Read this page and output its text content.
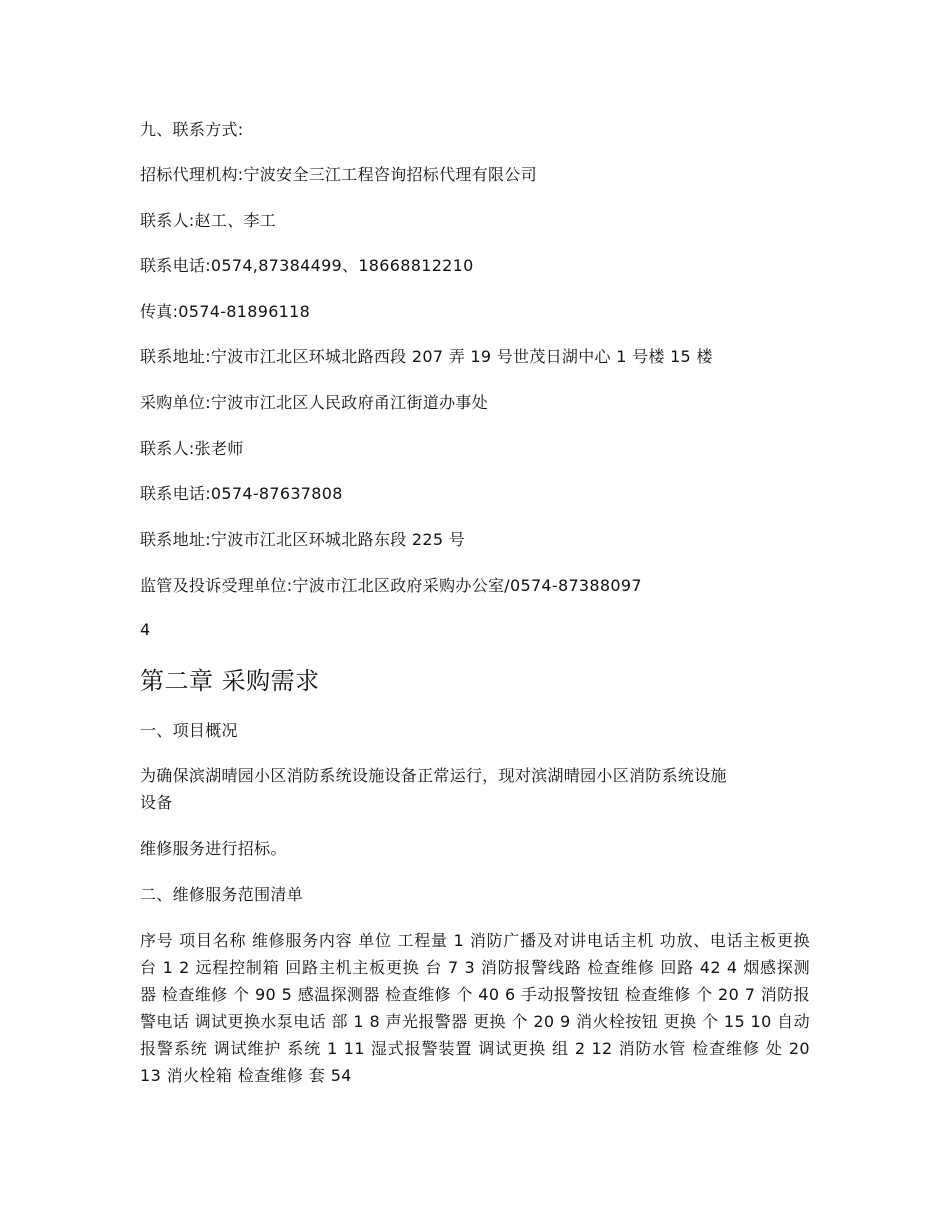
九、联系方式:
招标代理机构:宁波安全三江工程咨询招标代理有限公司
联系人:赵工、李工
联系电话:0574,87384499、18668812210
传真:0574-81896118
联系地址:宁波市江北区环城北路西段 207 弄 19 号世茂日湖中心 1 号楼 15 楼
采购单位:宁波市江北区人民政府甬江街道办事处
联系人:张老师
联系电话:0574-87637808
联系地址:宁波市江北区环城北路东段 225 号
监管及投诉受理单位:宁波市江北区政府采购办公室/0574-87388097
4
第二章 采购需求
一、项目概况
为确保滨湖晴园小区消防系统设施设备正常运行，现对滨湖晴园小区消防系统设施
设备
维修服务进行招标。
二、维修服务范围清单
序号 项目名称 维修服务内容 单位 工程量 1 消防广播及对讲电话主机 功放、电话主板更换 台 1 2 远程控制箱 回路主机主板更换 台 7 3 消防报警线路 检查维修 回路 42 4 烟感探测器 检查维修 个 90 5 感温探测器 检查维修 个 40 6 手动报警按钮 检查维修 个 20 7 消防报警电话 调试更换水泵电话 部 1 8 声光报警器 更换 个 20 9 消火栓按钮 更换 个 15 10 自动报警系统 调试维护 系统 1 11 湿式报警装置 调试更换 组 2 12 消防水管 检查维修 处 20 13 消火栓箱 检查维修 套 54
